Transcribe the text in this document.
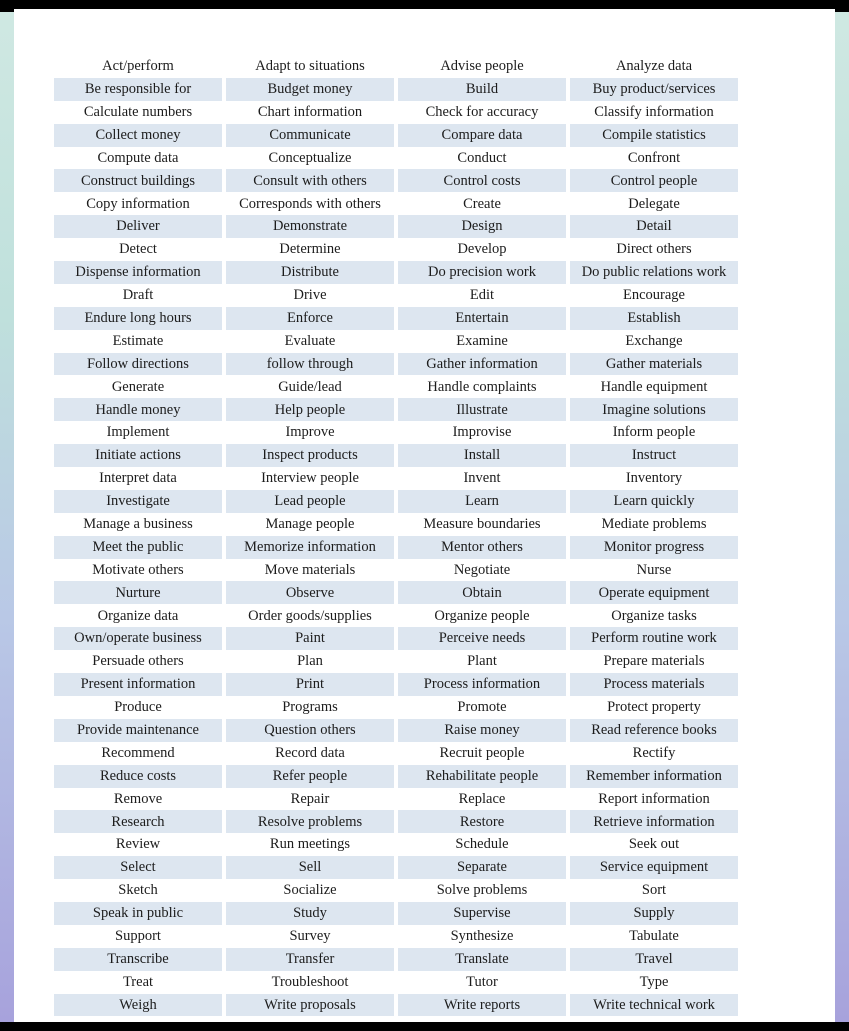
Act/perform	Adapt to situations	Advise people	Analyze data
Be responsible for	Budget money	Build	Buy product/services
Calculate numbers	Chart information	Check for accuracy	Classify information
Collect money	Communicate	Compare data	Compile statistics
Compute data	Conceptualize	Conduct	Confront
Construct buildings	Consult with others	Control costs	Control people
Copy information	Corresponds with others	Create	Delegate
Deliver	Demonstrate	Design	Detail
Detect	Determine	Develop	Direct others
Dispense information	Distribute	Do precision work	Do public relations work
Draft	Drive	Edit	Encourage
Endure long hours	Enforce	Entertain	Establish
Estimate	Evaluate	Examine	Exchange
Follow directions	follow through	Gather information	Gather materials
Generate	Guide/lead	Handle complaints	Handle equipment
Handle money	Help people	Illustrate	Imagine solutions
Implement	Improve	Improvise	Inform people
Initiate actions	Inspect products	Install	Instruct
Interpret data	Interview people	Invent	Inventory
Investigate	Lead people	Learn	Learn quickly
Manage a business	Manage people	Measure boundaries	Mediate problems
Meet the public	Memorize information	Mentor others	Monitor progress
Motivate others	Move materials	Negotiate	Nurse
Nurture	Observe	Obtain	Operate equipment
Organize data	Order goods/supplies	Organize people	Organize tasks
Own/operate business	Paint	Perceive needs	Perform routine work
Persuade others	Plan	Plant	Prepare materials
Present information	Print	Process information	Process materials
Produce	Programs	Promote	Protect property
Provide maintenance	Question others	Raise money	Read reference books
Recommend	Record data	Recruit people	Rectify
Reduce costs	Refer people	Rehabilitate people	Remember information
Remove	Repair	Replace	Report information
Research	Resolve problems	Restore	Retrieve information
Review	Run meetings	Schedule	Seek out
Select	Sell	Separate	Service equipment
Sketch	Socialize	Solve problems	Sort
Speak in public	Study	Supervise	Supply
Support	Survey	Synthesize	Tabulate
Transcribe	Transfer	Translate	Travel
Treat	Troubleshoot	Tutor	Type
Weigh	Write proposals	Write reports	Write technical work
